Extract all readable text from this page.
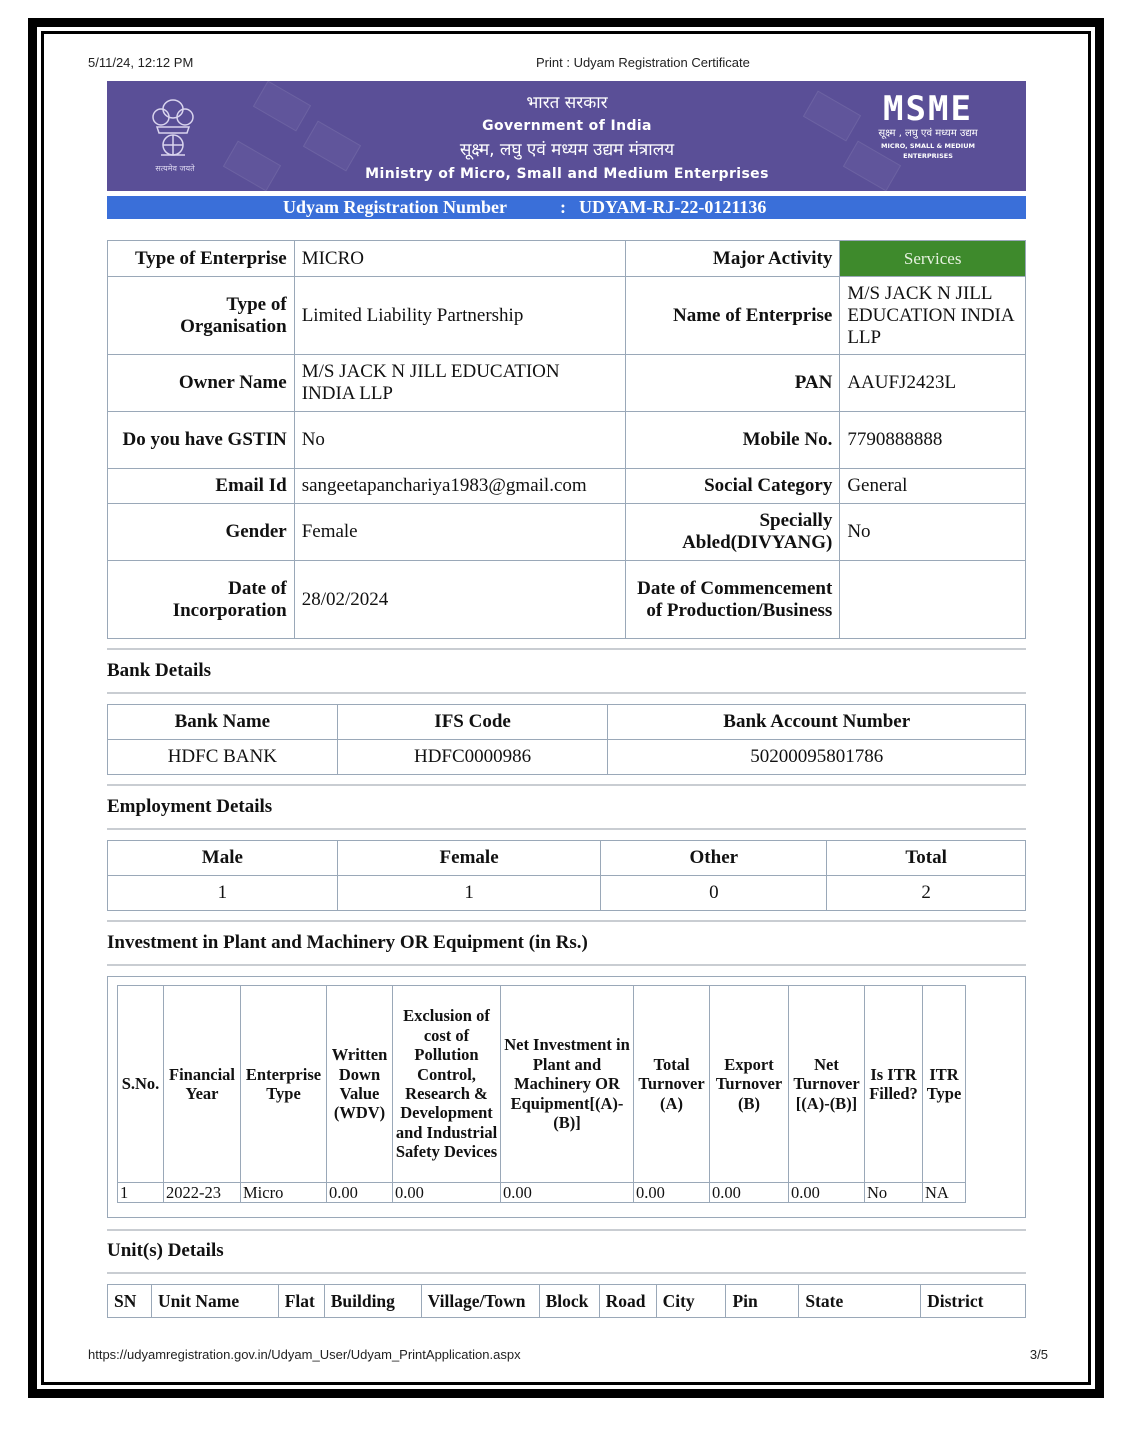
5/11/24, 12:12 PM	Print : Udyam Registration Certificate
सत्यमेव जयते
भारत सरकार
Government of India
सूक्ष्म, लघु एवं मध्यम उद्यम मंत्रालय
Ministry of Micro, Small and Medium Enterprises
MSME
सूक्ष्म , लघु एवं मध्यम उद्यम
MICRO, SMALL & MEDIUM ENTERPRISES
Udyam Registration Number	: UDYAM-RJ-22-0121136
Type of Enterprise	MICRO	Major Activity	Services
Type of Organisation	Limited Liability Partnership	Name of Enterprise	M/S JACK N JILL EDUCATION INDIA LLP
Owner Name	M/S JACK N JILL EDUCATION INDIA LLP	PAN	AAUFJ2423L
Do you have GSTIN	No	Mobile No.	7790888888
Email Id	sangeetapanchariya1983@gmail.com	Social Category	General
Gender	Female	Specially Abled(DIVYANG)	No
Date of Incorporation	28/02/2024	Date of Commencement of Production/Business	
Bank Details
Bank Name	IFS Code	Bank Account Number
HDFC BANK	HDFC0000986	50200095801786
Employment Details
Male	Female	Other	Total
1	1	0	2
Investment in Plant and Machinery OR Equipment (in Rs.)
S.No.	Financial Year	Enterprise Type	Written Down Value (WDV)	Exclusion of cost of Pollution Control, Research & Development and Industrial Safety Devices	Net Investment in Plant and Machinery OR Equipment[(A)-(B)]	Total Turnover (A)	Export Turnover (B)	Net Turnover [(A)-(B)]	Is ITR Filled?	ITR Type
1	2022-23	Micro	0.00	0.00	0.00	0.00	0.00	0.00	No	NA
Unit(s) Details
SN	Unit Name	Flat	Building	Village/Town	Block	Road	City	Pin	State	District
https://udyamregistration.gov.in/Udyam_User/Udyam_PrintApplication.aspx	3/5
